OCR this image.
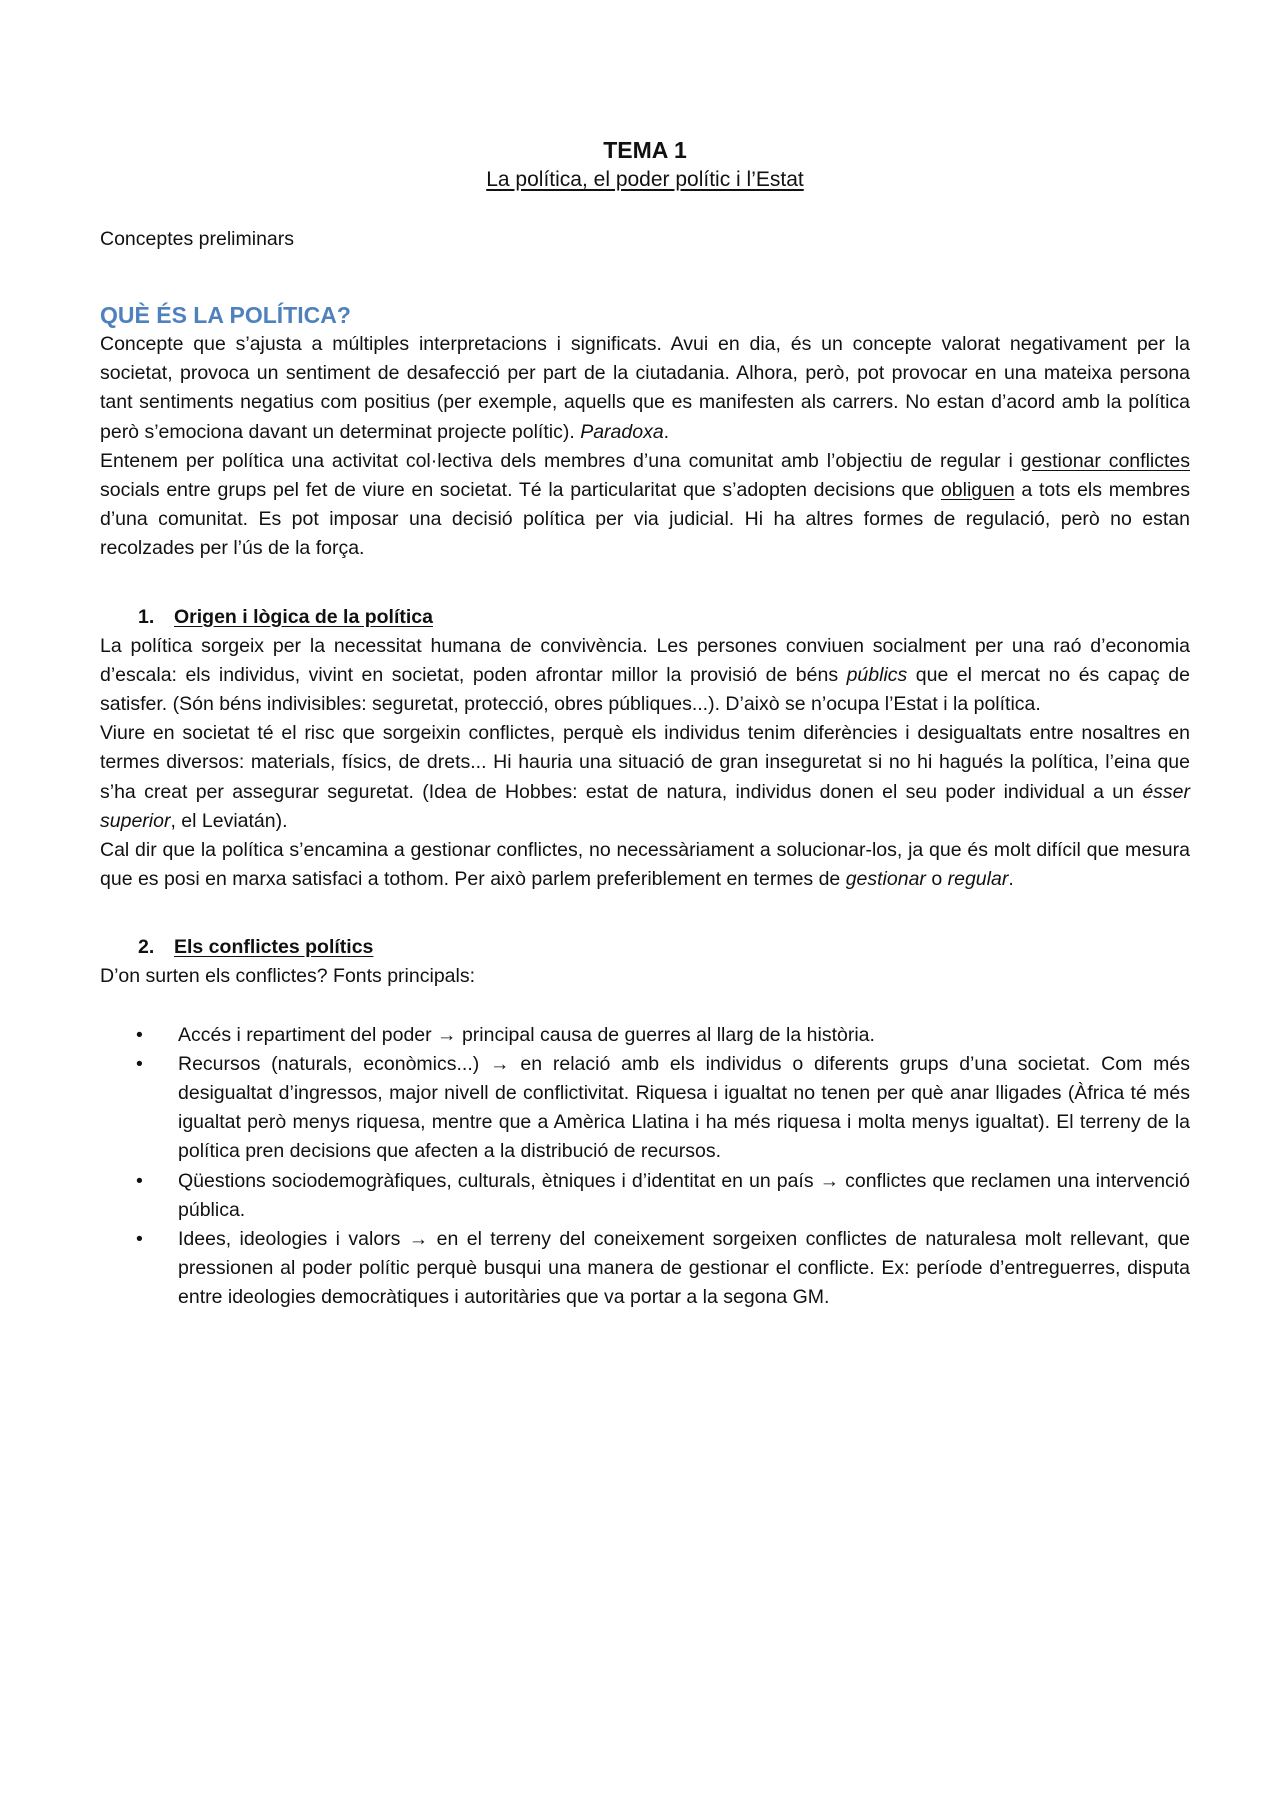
TEMA 1
La política, el poder polític i l’Estat
Conceptes preliminars
QUÈ ÉS LA POLÍTICA?

Concepte que s’ajusta a múltiples interpretacions i significats. Avui en dia, és un concepte valorat negativament per la societat, provoca un sentiment de desafecció per part de la ciutadania. Alhora, però, pot provocar en una mateixa persona tant sentiments negatius com positius (per exemple, aquells que es manifesten als carrers. No estan d’acord amb la política però s’emociona davant un determinat projecte polític). Paradoxa.

Entenem per política una activitat col·lectiva dels membres d’una comunitat amb l’objectiu de regular i gestionar conflictes socials entre grups pel fet de viure en societat. Té la particularitat que s’adopten decisions que obliguen a tots els membres d’una comunitat. Es pot imposar una decisió política per via judicial. Hi ha altres formes de regulació, però no estan recolzades per l’ús de la força.

1. Origen i lògica de la política

La política sorgeix per la necessitat humana de convivència. Les persones conviuen socialment per una raó d’economia d’escala: els individus, vivint en societat, poden afrontar millor la provisió de béns públics que el mercat no és capaç de satisfer. (Són béns indivisibles: seguretat, protecció, obres públiques...). D’això se n’ocupa l’Estat i la política.

Viure en societat té el risc que sorgeixin conflictes, perquè els individus tenim diferències i desigualtats entre nosaltres en termes diversos: materials, físics, de drets... Hi hauria una situació de gran inseguretat si no hi hagués la política, l’eina que s’ha creat per assegurar seguretat. (Idea de Hobbes: estat de natura, individus donen el seu poder individual a un ésser superior, el Leviatán).

Cal dir que la política s’encamina a gestionar conflictes, no necessàriament a solucionar-los, ja que és molt difícil que mesura que es posi en marxa satisfaci a tothom. Per això parlem preferiblement en termes de gestionar o regular.

2. Els conflictes polítics

D’on surten els conflictes? Fonts principals:

• Accés i repartiment del poder → principal causa de guerres al llarg de la història.
• Recursos (naturals, econòmics...) → en relació amb els individus o diferents grups d’una societat. Com més desigualtat d’ingressos, major nivell de conflictivitat. Riquesa i igualtat no tenen per què anar lligades (Àfrica té més igualtat però menys riquesa, mentre que a Amèrica Llatina i ha més riquesa i molta menys igualtat). El terreny de la política pren decisions que afecten a la distribució de recursos.
• Qüestions sociodemogràfiques, culturals, ètniques i d’identitat en un país → conflictes que reclamen una intervenció pública.
• Idees, ideologies i valors → en el terreny del coneixement sorgeixen conflictes de naturalesa molt rellevant, que pressionen al poder polític perquè busqui una manera de gestionar el conflicte. Ex: període d’entreguerres, disputa entre ideologies democràtiques i autoritàries que va portar a la segona GM.
